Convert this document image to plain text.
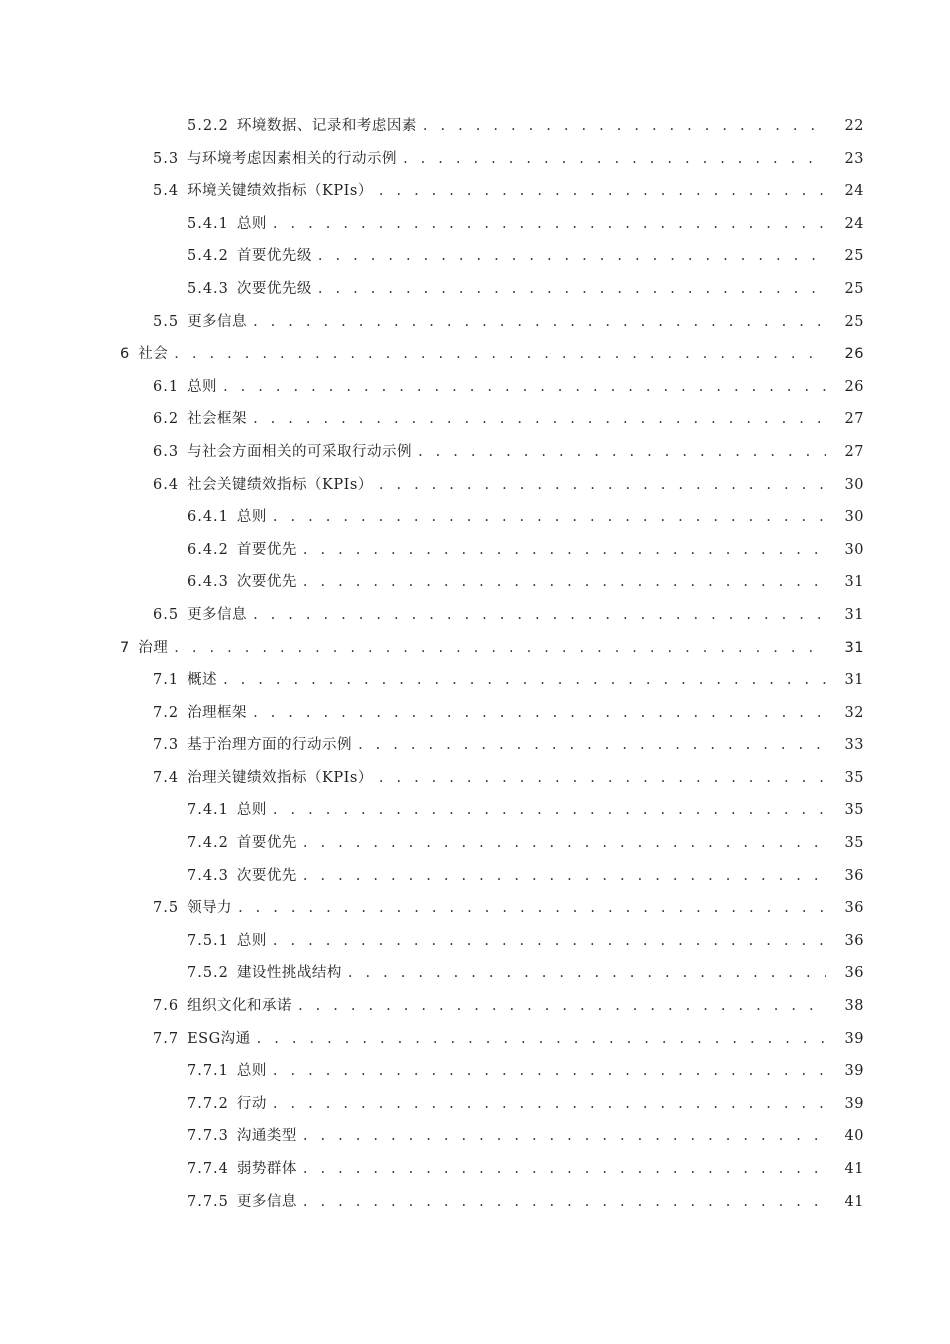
5.2.2 环境数据、记录和考虑因素 . . .	22
5.3 与环境考虑因素相关的行动示例 . . .	23
5.4 环境关键绩效指标（KPIs） . . .	24
5.4.1 总则 . . .	24
5.4.2 首要优先级 . . .	25
5.4.3 次要优先级 . . .	25
5.5 更多信息 . . .	25
6 社会 . . .	26
6.1 总则 . . .	26
6.2 社会框架 . . .	27
6.3 与社会方面相关的可采取行动示例 . . .	27
6.4 社会关键绩效指标（KPIs） . . .	30
6.4.1 总则 . . .	30
6.4.2 首要优先 . . .	30
6.4.3 次要优先 . . .	31
6.5 更多信息 . . .	31
7 治理 . . .	31
7.1 概述 . . .	31
7.2 治理框架 . . .	32
7.3 基于治理方面的行动示例 . . .	33
7.4 治理关键绩效指标（KPIs） . . .	35
7.4.1 总则 . . .	35
7.4.2 首要优先 . . .	35
7.4.3 次要优先 . . .	36
7.5 领导力 . . .	36
7.5.1 总则 . . .	36
7.5.2 建设性挑战结构 . . .	36
7.6 组织文化和承诺 . . .	38
7.7 ESG沟通 . . .	39
7.7.1 总则 . . .	39
7.7.2 行动 . . .	39
7.7.3 沟通类型 . . .	40
7.7.4 弱势群体 . . .	41
7.7.5 更多信息 . . .	41
